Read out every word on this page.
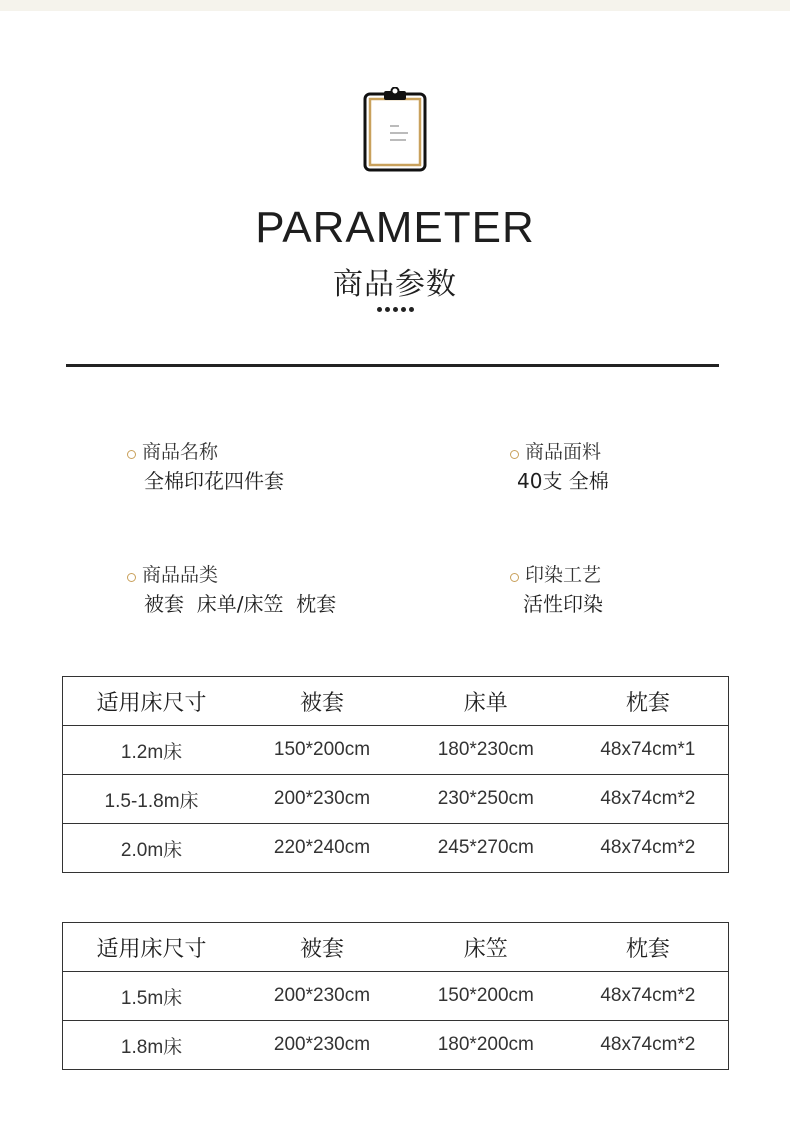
PARAMETER
商品参数
商品名称
全棉印花四件套
商品面料
40支 全棉
商品品类
被套  床单/床笠  枕套
印染工艺
活性印染
适用床尺寸	被套	床单	枕套
1.2m床	150*200cm	180*230cm	48x74cm*1
1.5-1.8m床	200*230cm	230*250cm	48x74cm*2
2.0m床	220*240cm	245*270cm	48x74cm*2
适用床尺寸	被套	床笠	枕套
1.5m床	200*230cm	150*200cm	48x74cm*2
1.8m床	200*230cm	180*200cm	48x74cm*2
